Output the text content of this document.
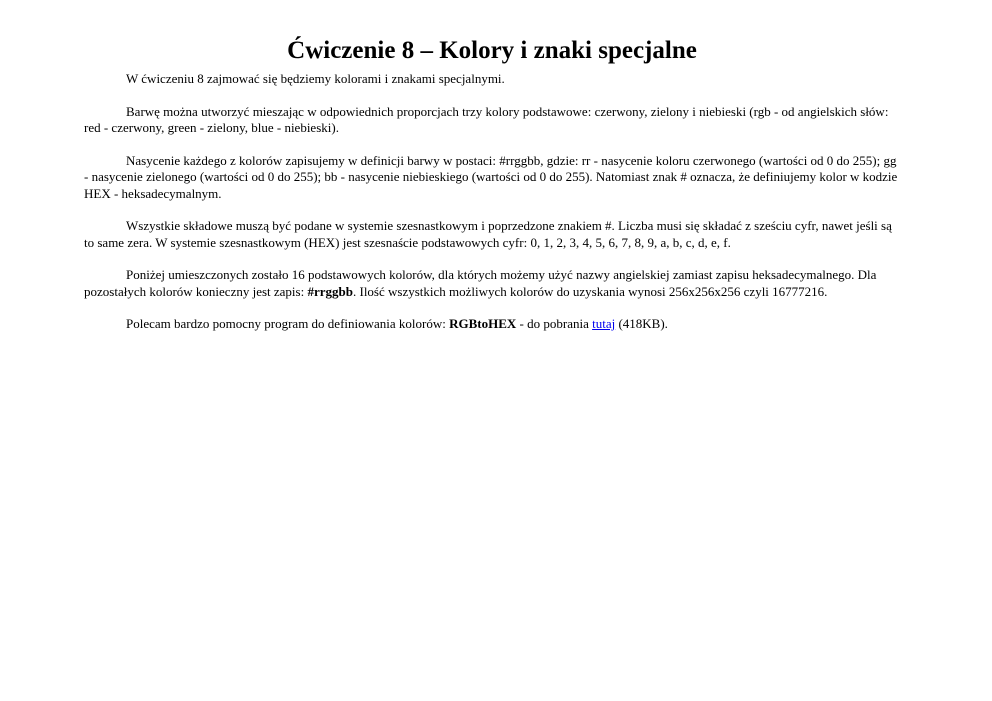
Ćwiczenie 8 – Kolory i znaki specjalne

W ćwiczeniu 8 zajmować się będziemy kolorami i znakami specjalnymi.

Barwę można utworzyć mieszając w odpowiednich proporcjach trzy kolory podstawowe: czerwony, zielony i niebieski (rgb - od angielskich słów: red - czerwony, green - zielony, blue - niebieski).

Nasycenie każdego z kolorów zapisujemy w definicji barwy w postaci: #rrggbb, gdzie: rr - nasycenie koloru czerwonego (wartości od 0 do 255); gg - nasycenie zielonego (wartości od 0 do 255); bb - nasycenie niebieskiego (wartości od 0 do 255). Natomiast znak # oznacza, że definiujemy kolor w kodzie HEX - heksadecymalnym.

Wszystkie składowe muszą być podane w systemie szesnastkowym i poprzedzone znakiem #. Liczba musi się składać z sześciu cyfr, nawet jeśli są to same zera. W systemie szesnastkowym (HEX) jest szesnaście podstawowych cyfr: 0, 1, 2, 3, 4, 5, 6, 7, 8, 9, a, b, c, d, e, f.

Poniżej umieszczonych zostało 16 podstawowych kolorów, dla których możemy użyć nazwy angielskiej zamiast zapisu heksadecymalnego. Dla pozostałych kolorów konieczny jest zapis: #rrggbb. Ilość wszystkich możliwych kolorów do uzyskania wynosi 256x256x256 czyli 16777216.

Polecam bardzo pomocny program do definiowania kolorów: RGBtoHEX - do pobrania tutaj (418KB).
